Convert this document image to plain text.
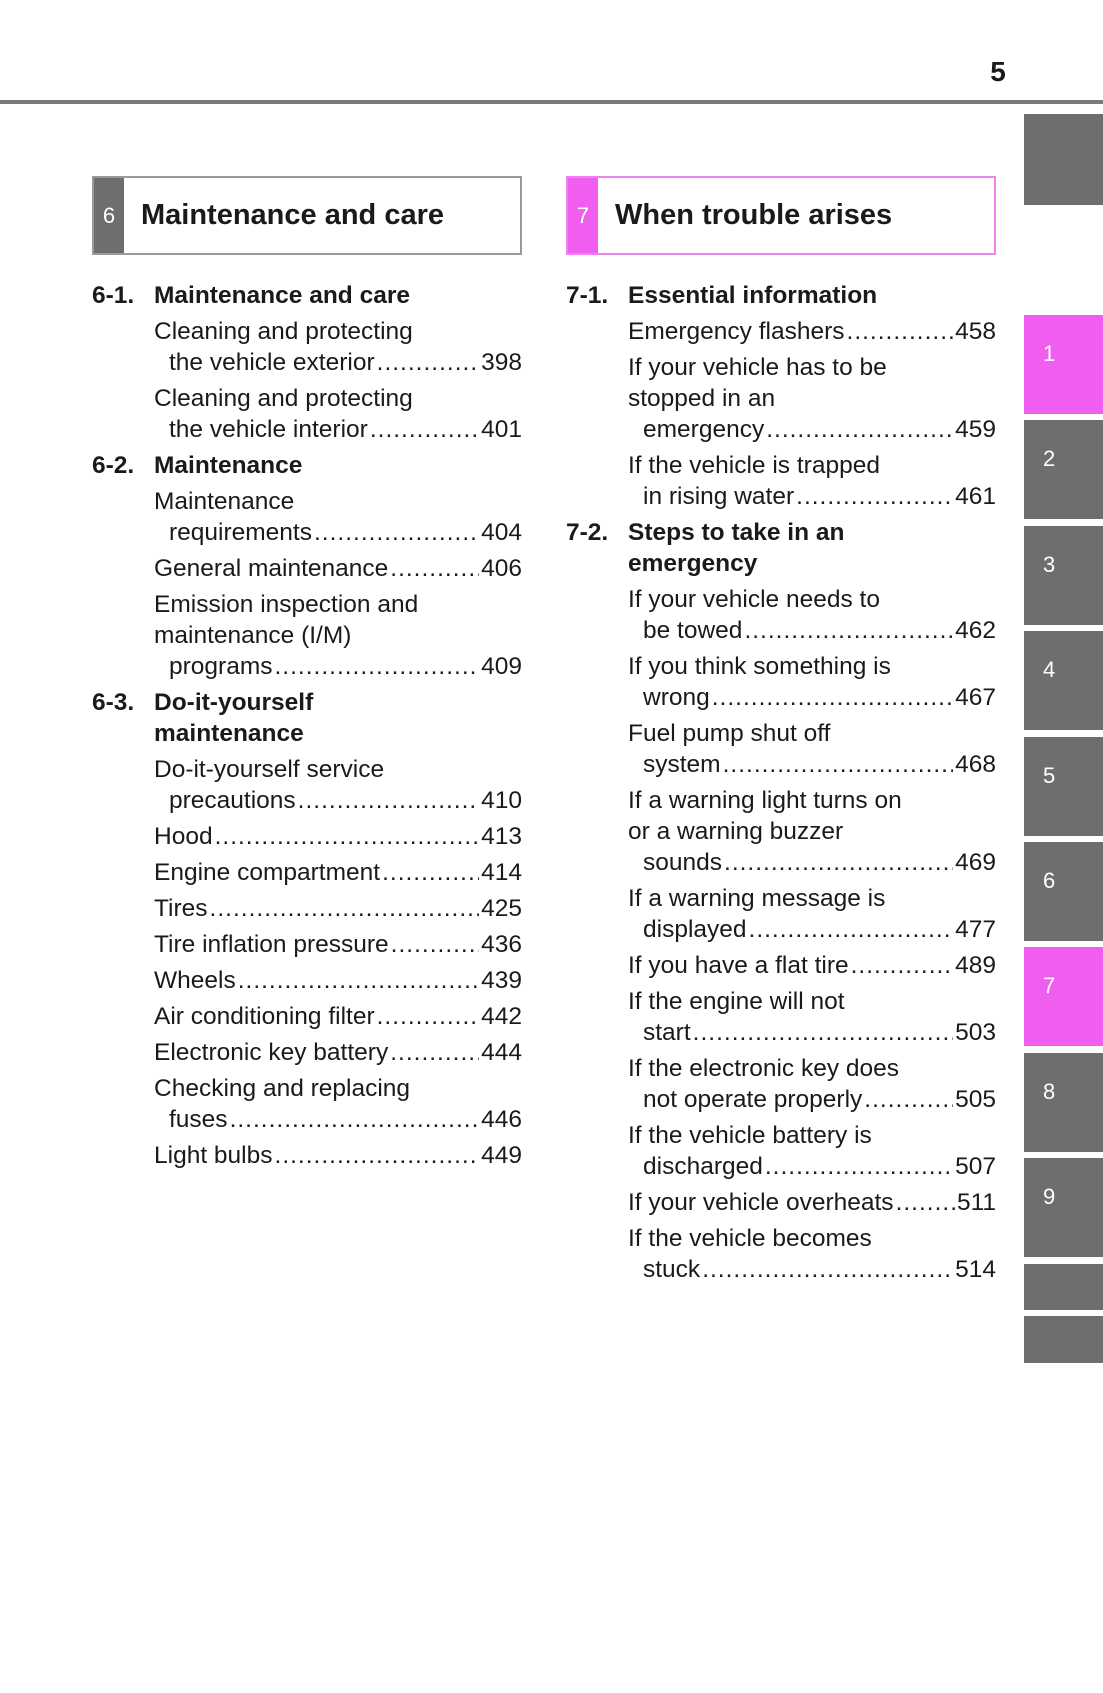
5
6 Maintenance and care	7 When trouble arises
6-1. Maintenance and care
Cleaning and protecting
the vehicle exterior .....	398
Cleaning and protecting
the vehicle interior .....	401
6-2. Maintenance
Maintenance
requirements .....	404
General maintenance .....	406
Emission inspection and
maintenance (I/M)
programs .....	409
6-3. Do-it-yourself
maintenance
Do-it-yourself service
precautions .....	410
Hood .....	413
Engine compartment .....	414
Tires .....	425
Tire inflation pressure .....	436
Wheels .....	439
Air conditioning filter .....	442
Electronic key battery .....	444
Checking and replacing
fuses .....	446
Light bulbs .....	449
7-1. Essential information
Emergency flashers .....	458
If your vehicle has to be
stopped in an
emergency .....	459
If the vehicle is trapped
in rising water .....	461
7-2. Steps to take in an
emergency
If your vehicle needs to
be towed .....	462
If you think something is
wrong .....	467
Fuel pump shut off
system .....	468
If a warning light turns on
or a warning buzzer
sounds .....	469
If a warning message is
displayed .....	477
If you have a flat tire .....	489
If the engine will not
start .....	503
If the electronic key does
not operate properly .....	505
If the vehicle battery is
discharged .....	507
If your vehicle overheats .....	511
If the vehicle becomes
stuck .....	514
1
2
3
4
5
6
7
8
9
